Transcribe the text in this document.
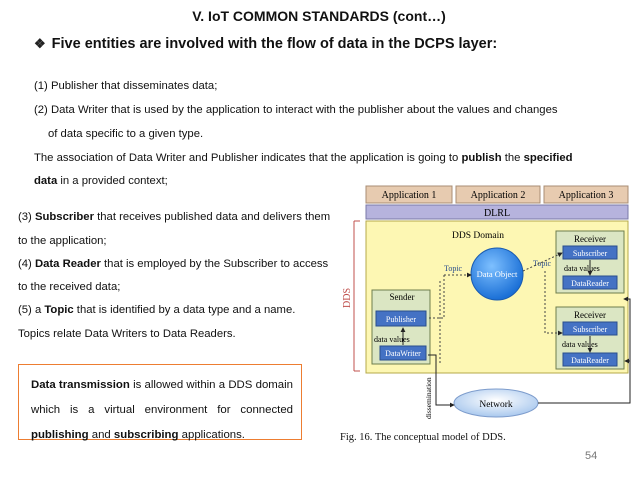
V. IoT COMMON STANDARDS (cont…)
❖ Five entities are involved with the flow of data in the DCPS layer:
(1) Publisher that disseminates data;
(2) Data Writer that is used by the application to interact with the publisher about the values and changes
of data specific to a given type.
The association of Data Writer and Publisher indicates that the application is going to publish the specified
data in a provided context;
(3) Subscriber that receives published data and delivers them
to the application;
(4) Data Reader that is employed by the Subscriber to access
to the received data;
(5) a Topic that is identified by a data type and a name.
Topics relate Data Writers to Data Readers.
Data transmission is allowed within a DDS domain which is a virtual environment for connected publishing and subscribing applications.
Application 1	Application 2	Application 3
DLRL
DDS
DDS Domain	Receiver
Subscriber
data values
DataReader
Receiver
Subscriber
data values
DataReader
Sender
Publisher
data values
DataWriter
Data Object
Topic
Topic
Network
dissemination
Fig. 16. The conceptual model of DDS.
54
